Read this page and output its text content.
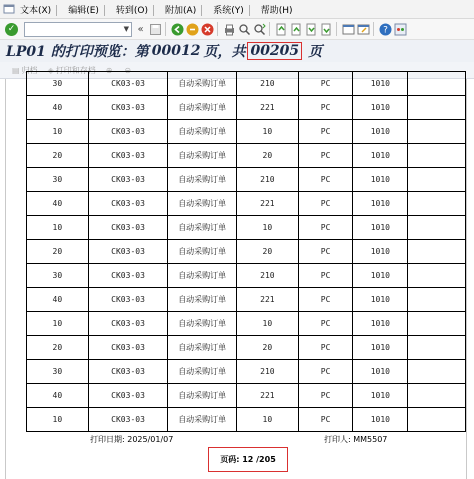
文本(X)	编辑(E)	转到(O)	附加(A)	系统(Y)	帮助(H)
✓	▼ «	?
LP01 的打印预览：第 00012 页，共 00205 页
▤ 归档 ◈ 打印和存档 ⊕ ⊖
30	CK03-03	自动采购订单	210	PC	1010	
40	CK03-03	自动采购订单	221	PC	1010	
10	CK03-03	自动采购订单	10	PC	1010	
20	CK03-03	自动采购订单	20	PC	1010	
30	CK03-03	自动采购订单	210	PC	1010	
40	CK03-03	自动采购订单	221	PC	1010	
10	CK03-03	自动采购订单	10	PC	1010	
20	CK03-03	自动采购订单	20	PC	1010	
30	CK03-03	自动采购订单	210	PC	1010	
40	CK03-03	自动采购订单	221	PC	1010	
10	CK03-03	自动采购订单	10	PC	1010	
20	CK03-03	自动采购订单	20	PC	1010	
30	CK03-03	自动采购订单	210	PC	1010	
40	CK03-03	自动采购订单	221	PC	1010	
10	CK03-03	自动采购订单	10	PC	1010	
打印日期: 2025/01/07	打印人: MM5507
页码: 12 /205
